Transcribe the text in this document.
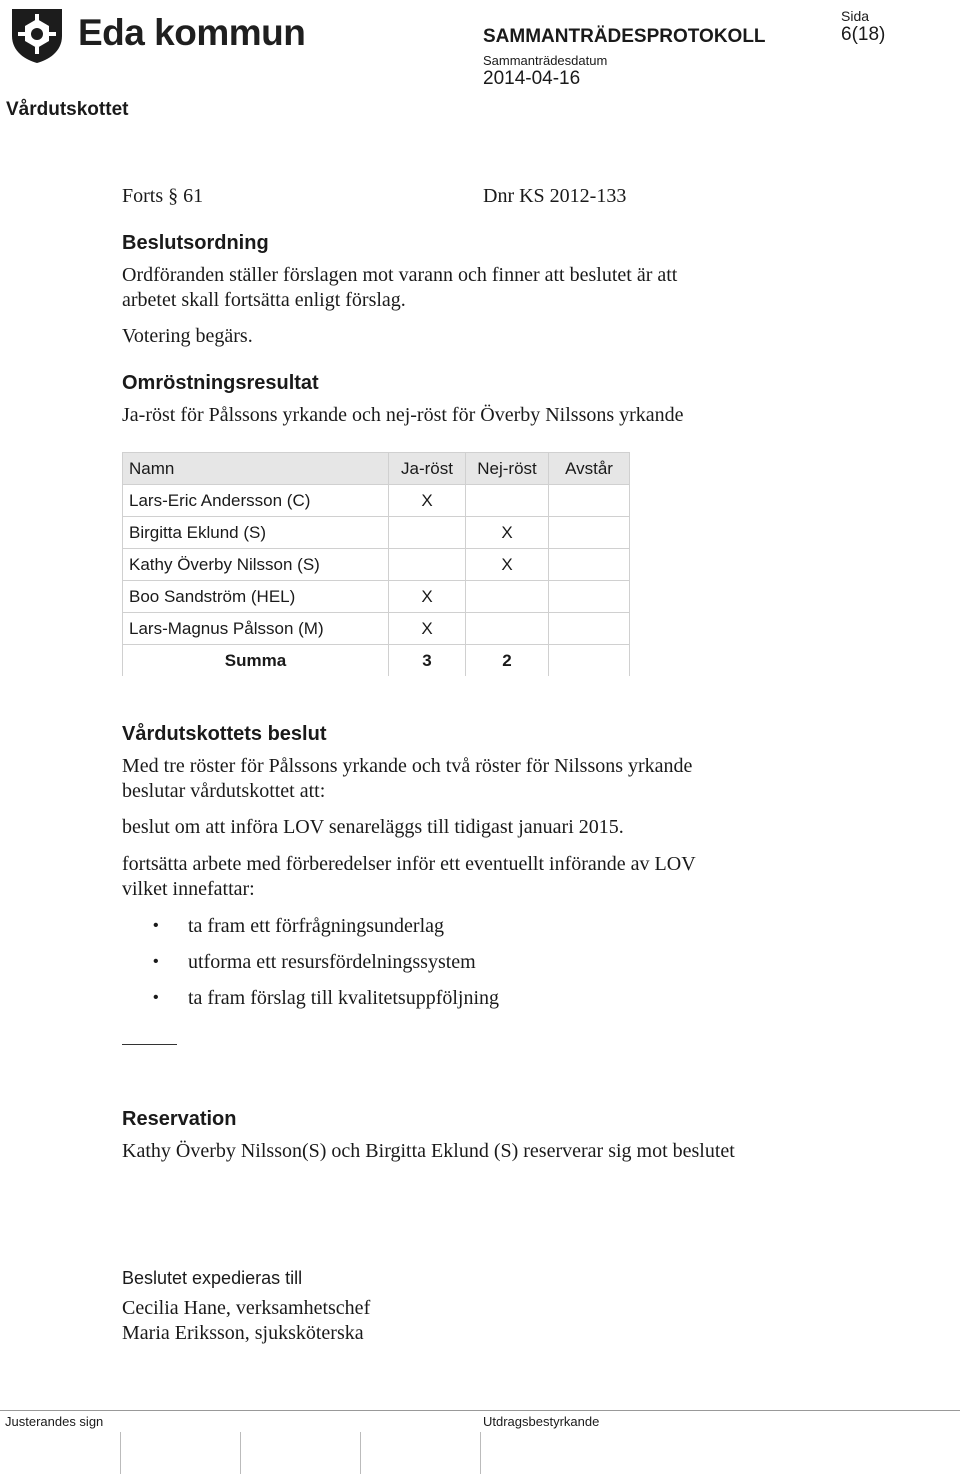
Eda kommun	SAMMANTRÄDESPROTOKOLL
Sammanträdesdatum
2014-04-16
Sida
6(18)
Vårdutskottet
Forts § 61	Dnr KS 2012-133
Beslutsordning
Ordföranden ställer förslagen mot varann och finner att beslutet är att
arbetet skall fortsätta enligt förslag.
Votering begärs.
Omröstningsresultat
Ja-röst för Pålssons yrkande och nej-röst för Överby Nilssons yrkande
Namn	Ja-röst	Nej-röst	Avstår
Lars-Eric Andersson (C)	X		
Birgitta Eklund (S)		X	
Kathy Överby Nilsson (S)		X	
Boo Sandström (HEL)	X		
Lars-Magnus Pålsson (M)	X		
Summa	3	2	
Vårdutskottets beslut
Med tre röster för Pålssons yrkande och två röster för Nilssons yrkande
beslutar vårdutskottet att:
beslut om att införa LOV senareläggs till tidigast januari 2015.
fortsätta arbete med förberedelser inför ett eventuellt införande av LOV
vilket innefattar:
• ta fram ett förfrågningsunderlag
• utforma ett resursfördelningssystem
• ta fram förslag till kvalitetsuppföljning
Reservation
Kathy Överby Nilsson(S) och Birgitta Eklund (S) reserverar sig mot beslutet
Beslutet expedieras till
Cecilia Hane, verksamhetschef
Maria Eriksson, sjuksköterska
Justerandes sign	Utdragsbestyrkande
